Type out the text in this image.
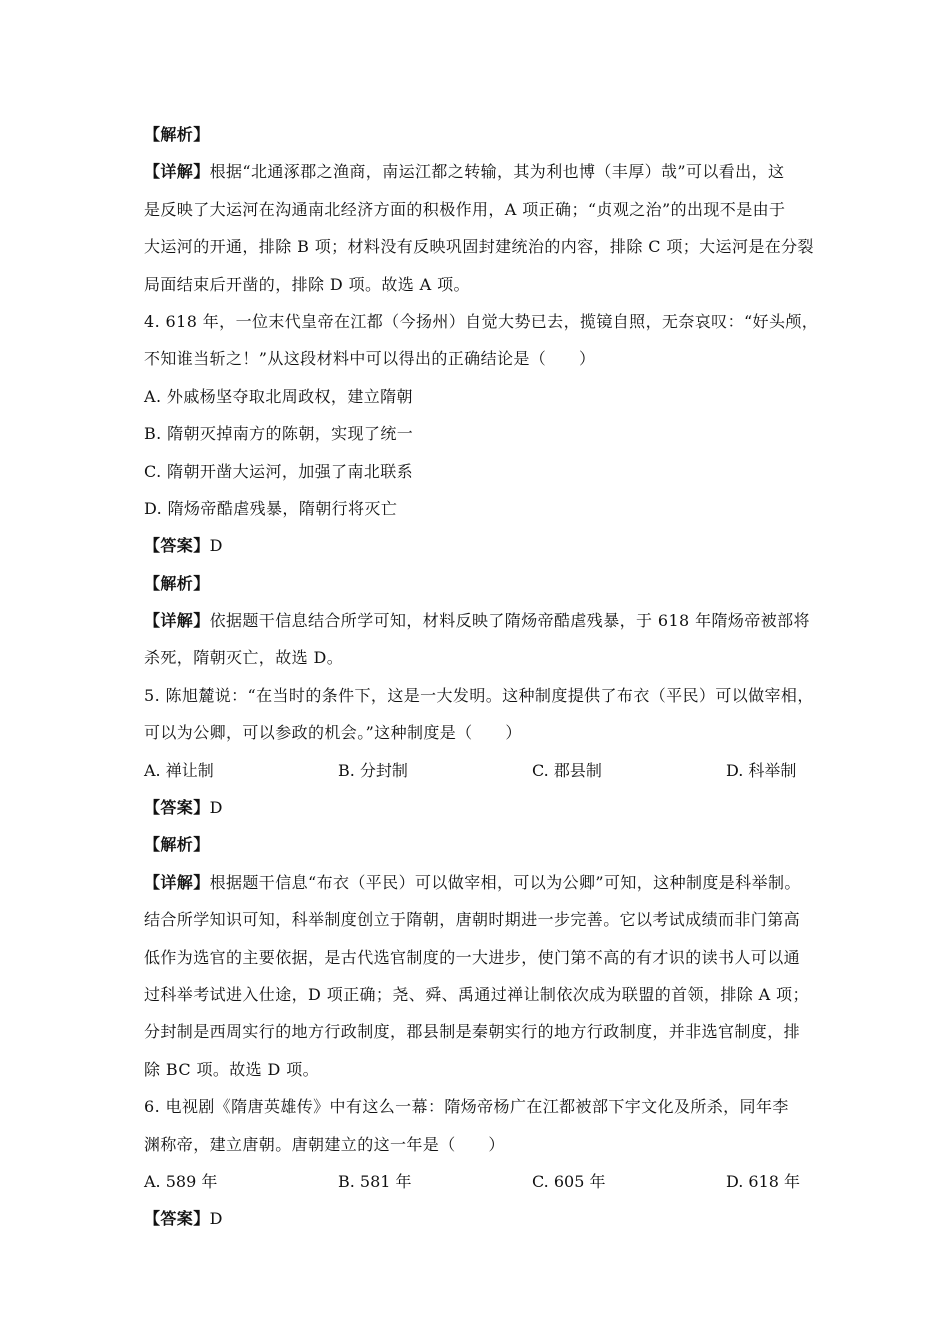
【解析】
【详解】根据“北通涿郡之渔商，南运江都之转输，其为利也博（丰厚）哉”可以看出，这
是反映了大运河在沟通南北经济方面的积极作用，A 项正确；“贞观之治”的出现不是由于
大运河的开通，排除 B 项；材料没有反映巩固封建统治的内容，排除 C 项；大运河是在分裂
局面结束后开凿的，排除 D 项。故选 A 项。
4. 618 年，一位末代皇帝在江都（今扬州）自觉大势已去，揽镜自照，无奈哀叹：“好头颅，
不知谁当斩之！”从这段材料中可以得出的正确结论是（　　）
A. 外戚杨坚夺取北周政权，建立隋朝
B. 隋朝灭掉南方的陈朝，实现了统一
C. 隋朝开凿大运河，加强了南北联系
D. 隋炀帝酷虐残暴，隋朝行将灭亡
【答案】D
【解析】
【详解】依据题干信息结合所学可知，材料反映了隋炀帝酷虐残暴，于 618 年隋炀帝被部将
杀死，隋朝灭亡，故选 D。
5. 陈旭麓说：“在当时的条件下，这是一大发明。这种制度提供了布衣（平民）可以做宰相，
可以为公卿，可以参政的机会。”这种制度是（　　）
A. 禅让制	B. 分封制	C. 郡县制	D. 科举制
【答案】D
【解析】
【详解】根据题干信息“布衣（平民）可以做宰相，可以为公卿”可知，这种制度是科举制。
结合所学知识可知，科举制度创立于隋朝，唐朝时期进一步完善。它以考试成绩而非门第高
低作为选官的主要依据，是古代选官制度的一大进步，使门第不高的有才识的读书人可以通
过科举考试进入仕途，D 项正确；尧、舜、禹通过禅让制依次成为联盟的首领，排除 A 项；
分封制是西周实行的地方行政制度，郡县制是秦朝实行的地方行政制度，并非选官制度，排
除 BC 项。故选 D 项。
6. 电视剧《隋唐英雄传》中有这么一幕：隋炀帝杨广在江都被部下宇文化及所杀，同年李
渊称帝，建立唐朝。唐朝建立的这一年是（　　）
A. 589 年	B. 581 年	C. 605 年	D. 618 年
【答案】D
